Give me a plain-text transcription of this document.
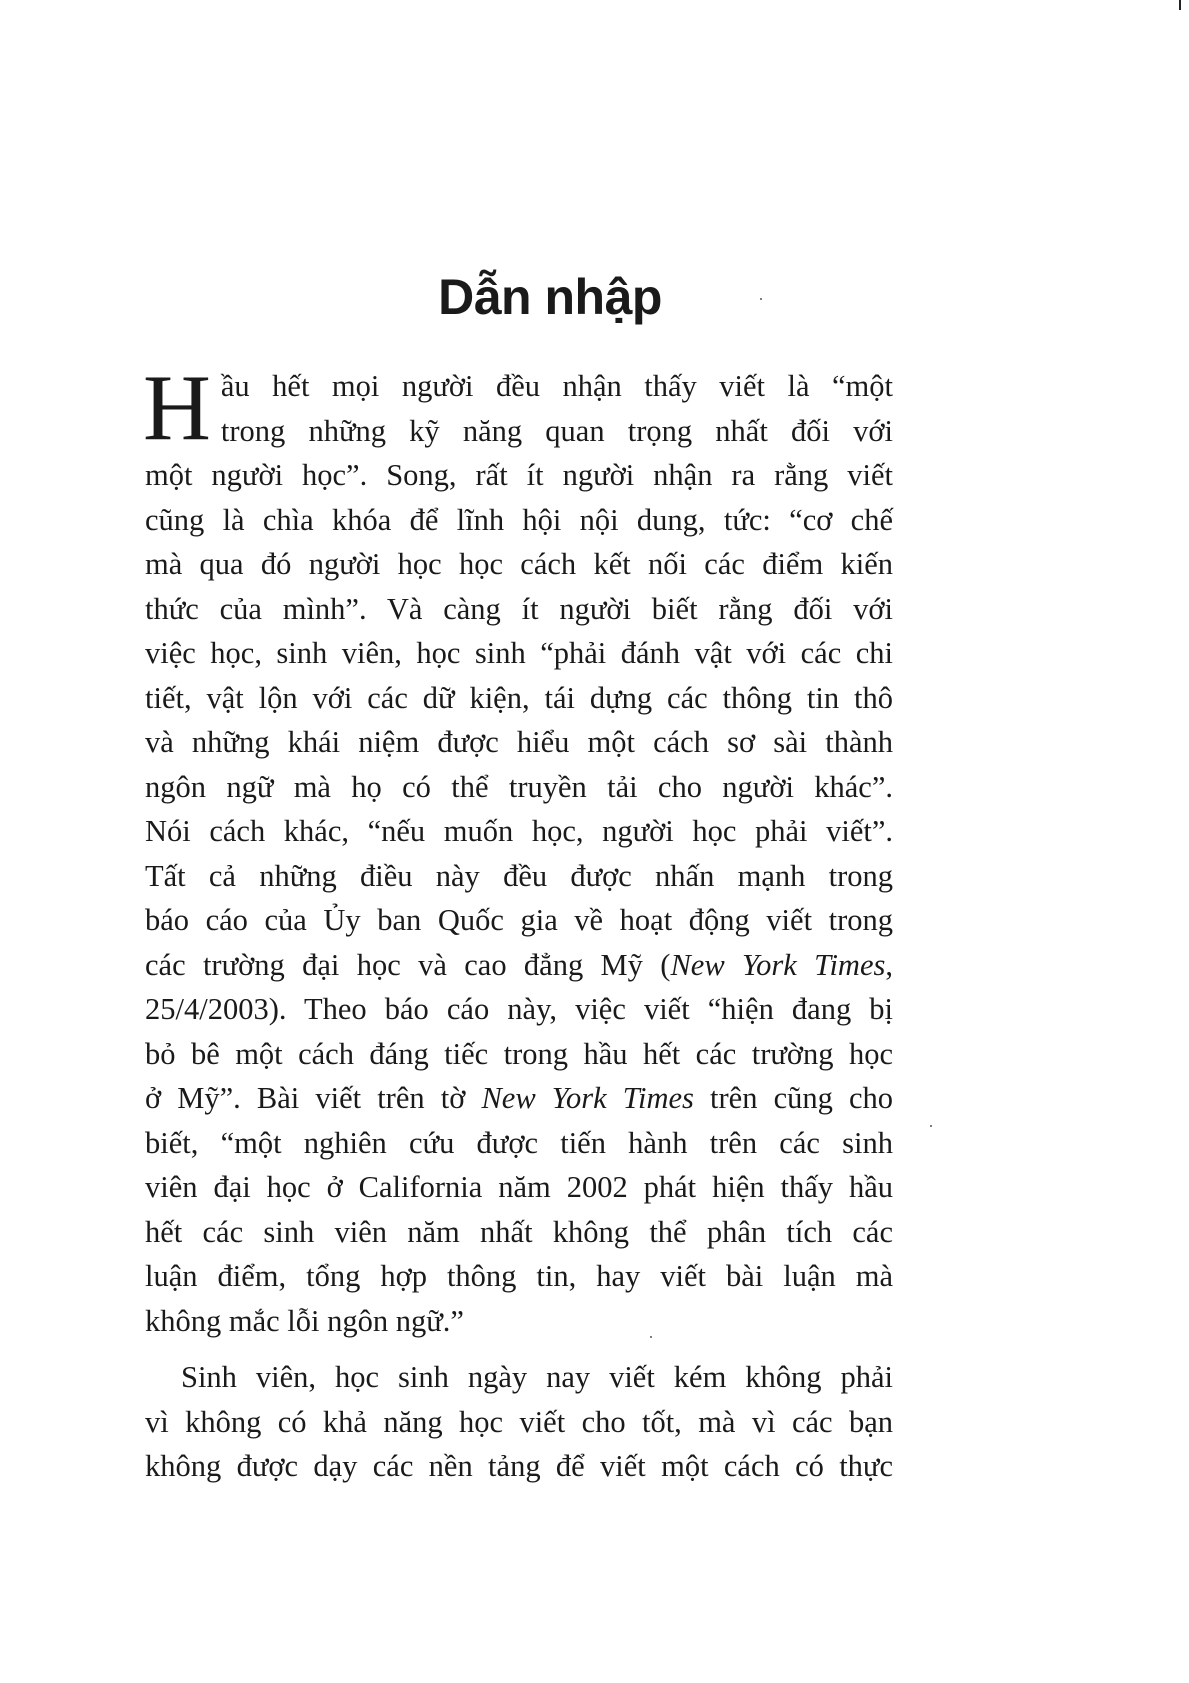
Dẫn nhập
H ầu hết mọi người đều nhận thấy viết là “một
trong những kỹ năng quan trọng nhất đối với
một người học”. Song, rất ít người nhận ra rằng viết
cũng là chìa khóa để lĩnh hội nội dung, tức: “cơ chế
mà qua đó người học học cách kết nối các điểm kiến
thức của mình”. Và càng ít người biết rằng đối với
việc học, sinh viên, học sinh “phải đánh vật với các chi
tiết, vật lộn với các dữ kiện, tái dựng các thông tin thô
và những khái niệm được hiểu một cách sơ sài thành
ngôn ngữ mà họ có thể truyền tải cho người khác”.
Nói cách khác, “nếu muốn học, người học phải viết”.
Tất cả những điều này đều được nhấn mạnh trong
báo cáo của Ủy ban Quốc gia về hoạt động viết trong
các trường đại học và cao đẳng Mỹ (New York Times,
25/4/2003). Theo báo cáo này, việc viết “hiện đang bị
bỏ bê một cách đáng tiếc trong hầu hết các trường học
ở Mỹ”. Bài viết trên tờ New York Times trên cũng cho
biết, “một nghiên cứu được tiến hành trên các sinh
viên đại học ở California năm 2002 phát hiện thấy hầu
hết các sinh viên năm nhất không thể phân tích các
luận điểm, tổng hợp thông tin, hay viết bài luận mà
không mắc lỗi ngôn ngữ.”
Sinh viên, học sinh ngày nay viết kém không phải
vì không có khả năng học viết cho tốt, mà vì các bạn
không được dạy các nền tảng để viết một cách có thực
